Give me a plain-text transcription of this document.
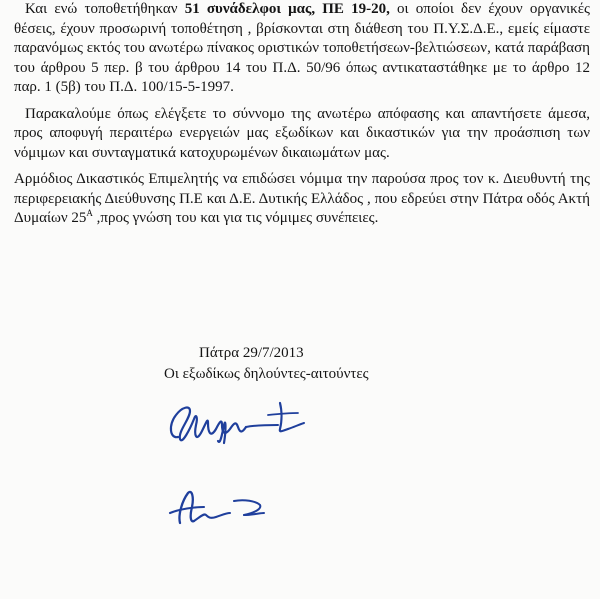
Και ενώ τοποθετήθηκαν 51 συνάδελφοι μας, ΠΕ 19-20, οι οποίοι δεν έχουν οργανικές θέσεις, έχουν προσωρινή τοποθέτηση , βρίσκονται στη διάθεση του Π.Υ.Σ.Δ.Ε., εμείς είμαστε παρανόμως εκτός του ανωτέρω πίνακος οριστικών τοποθετήσεων-βελτιώσεων, κατά παράβαση του άρθρου 5 περ. β του άρθρου 14 του Π.Δ. 50/96 όπως αντικαταστάθηκε με το άρθρο 12 παρ. 1 (5β) του Π.Δ. 100/15-5-1997.

Παρακαλούμε όπως ελέγξετε το σύννομο της ανωτέρω απόφασης και απαντήσετε άμεσα, προς αποφυγή περαιτέρω ενεργειών μας εξωδίκων και δικαστικών για την προάσπιση των νόμιμων και συνταγματικά κατοχυρωμένων δικαιωμάτων μας.

Αρμόδιος Δικαστικός Επιμελητής να επιδώσει νόμιμα την παρούσα προς τον κ. Διευθυντή της περιφερειακής Διεύθυνσης Π.Ε και Δ.Ε. Δυτικής Ελλάδος , που εδρεύει στην Πάτρα οδός Ακτή Δυμαίων $25^A$ ,προς γνώση του και για τις νόμιμες συνέπειες.

Πάτρα 29/7/2013
Οι εξωδίκως δηλούντες-αιτούντες
